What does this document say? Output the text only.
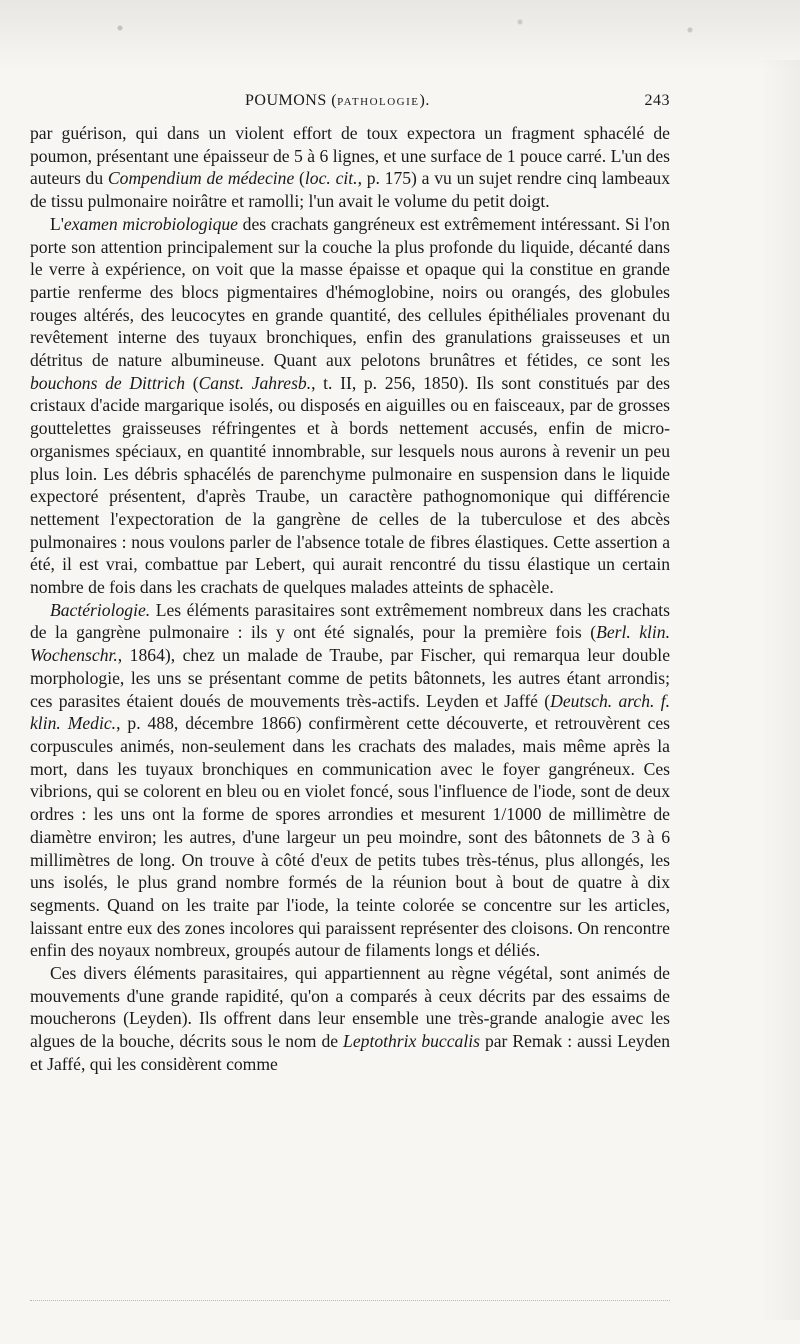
POUMONS (PATHOLOGIE).	243

par guérison, qui dans un violent effort de toux expectora un fragment sphacélé de poumon, présentant une épaisseur de 5 à 6 lignes, et une surface de 1 pouce carré. L'un des auteurs du Compendium de médecine (loc. cit., p. 175) a vu un sujet rendre cinq lambeaux de tissu pulmonaire noirâtre et ramolli; l'un avait le volume du petit doigt.

L'examen microbiologique des crachats gangréneux est extrêmement intéressant. Si l'on porte son attention principalement sur la couche la plus profonde du liquide, décanté dans le verre à expérience, on voit que la masse épaisse et opaque qui la constitue en grande partie renferme des blocs pigmentaires d'hémoglobine, noirs ou orangés, des globules rouges altérés, des leucocytes en grande quantité, des cellules épithéliales provenant du revêtement interne des tuyaux bronchiques, enfin des granulations graisseuses et un détritus de nature albumineuse. Quant aux pelotons brunâtres et fétides, ce sont les bouchons de Dittrich (Canst. Jahresb., t. II, p. 256, 1850). Ils sont constitués par des cristaux d'acide margarique isolés, ou disposés en aiguilles ou en faisceaux, par de grosses gouttelettes graisseuses réfringentes et à bords nettement accusés, enfin de micro-organismes spéciaux, en quantité innombrable, sur lesquels nous aurons à revenir un peu plus loin. Les débris sphacélés de parenchyme pulmonaire en suspension dans le liquide expectoré présentent, d'après Traube, un caractère pathognomonique qui différencie nettement l'expectoration de la gangrène de celles de la tuberculose et des abcès pulmonaires : nous voulons parler de l'absence totale de fibres élastiques. Cette assertion a été, il est vrai, combattue par Lebert, qui aurait rencontré du tissu élastique un certain nombre de fois dans les crachats de quelques malades atteints de sphacèle.

Bactériologie. Les éléments parasitaires sont extrêmement nombreux dans les crachats de la gangrène pulmonaire : ils y ont été signalés, pour la première fois (Berl. klin. Wochenschr., 1864), chez un malade de Traube, par Fischer, qui remarqua leur double morphologie, les uns se présentant comme de petits bâtonnets, les autres étant arrondis; ces parasites étaient doués de mouvements très-actifs. Leyden et Jaffé (Deutsch. arch. f. klin. Medic., p. 488, décembre 1866) confirmèrent cette découverte, et retrouvèrent ces corpuscules animés, non-seulement dans les crachats des malades, mais même après la mort, dans les tuyaux bronchiques en communication avec le foyer gangréneux. Ces vibrions, qui se colorent en bleu ou en violet foncé, sous l'influence de l'iode, sont de deux ordres : les uns ont la forme de spores arrondies et mesurent 1/1000 de millimètre de diamètre environ; les autres, d'une largeur un peu moindre, sont des bâtonnets de 3 à 6 millimètres de long. On trouve à côté d'eux de petits tubes très-ténus, plus allongés, les uns isolés, le plus grand nombre formés de la réunion bout à bout de quatre à dix segments. Quand on les traite par l'iode, la teinte colorée se concentre sur les articles, laissant entre eux des zones incolores qui paraissent représenter des cloisons. On rencontre enfin des noyaux nombreux, groupés autour de filaments longs et déliés.

Ces divers éléments parasitaires, qui appartiennent au règne végétal, sont animés de mouvements d'une grande rapidité, qu'on a comparés à ceux décrits par des essaims de moucherons (Leyden). Ils offrent dans leur ensemble une très-grande analogie avec les algues de la bouche, décrits sous le nom de Leptothrix buccalis par Remak : aussi Leyden et Jaffé, qui les considèrent comme
